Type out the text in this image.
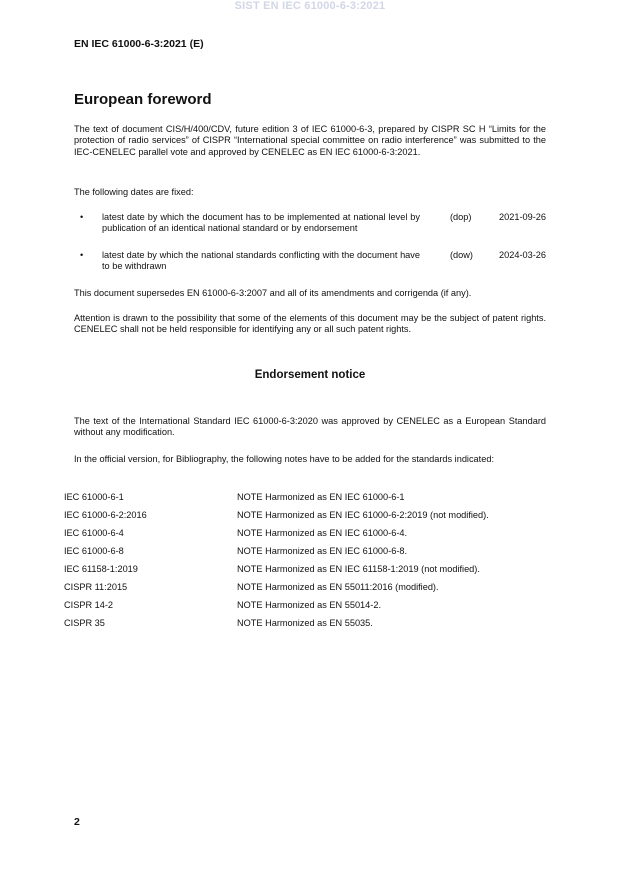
SIST EN IEC 61000-6-3:2021
EN IEC 61000-6-3:2021 (E)
European foreword

The text of document CIS/H/400/CDV, future edition 3 of IEC 61000-6-3, prepared by CISPR SC H “Limits for the protection of radio services” of CISPR “International special committee on radio interference” was submitted to the IEC-CENELEC parallel vote and approved by CENELEC as EN IEC 61000-6-3:2021.

The following dates are fixed:

• latest date by which the document has to be implemented at national level by publication of an identical national standard or by endorsement
(dop)	2021-09-26
• latest date by which the national standards conflicting with the document have to be withdrawn
(dow)	2024-03-26

This document supersedes EN 61000-6-3:2007 and all of its amendments and corrigenda (if any).

Attention is drawn to the possibility that some of the elements of this document may be the subject of patent rights. CENELEC shall not be held responsible for identifying any or all such patent rights.

Endorsement notice

The text of the International Standard IEC 61000-6-3:2020 was approved by CENELEC as a European Standard without any modification.

In the official version, for Bibliography, the following notes have to be added for the standards indicated:

IEC 61000-6-1	NOTE Harmonized as EN IEC 61000-6-1
IEC 61000-6-2:2016	NOTE Harmonized as EN IEC 61000-6-2:2019 (not modified).
IEC 61000-6-4	NOTE Harmonized as EN IEC 61000-6-4.
IEC 61000-6-8	NOTE Harmonized as EN IEC 61000-6-8.
IEC 61158-1:2019	NOTE Harmonized as EN IEC 61158-1:2019 (not modified).
CISPR 11:2015	NOTE Harmonized as EN 55011:2016 (modified).
CISPR 14-2	NOTE Harmonized as EN 55014-2.
CISPR 35	NOTE Harmonized as EN 55035.
2
